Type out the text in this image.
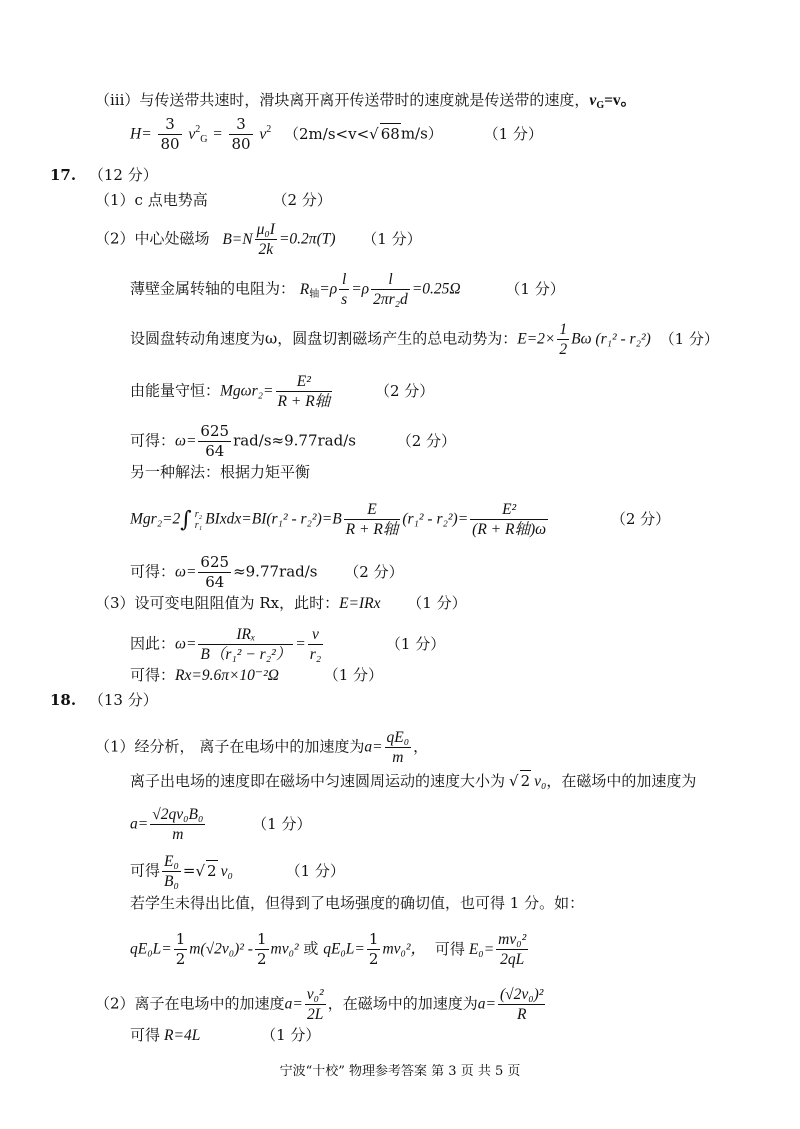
（iii）与传送带共速时，滑块离开离开传送带时的速度就是传送带的速度，$v_G=v$。
$H= \frac{3}{80} v^2_G = \frac{3}{80} v^2$ （2m/s<v<√ 68m/s）	（1 分）
17. （12 分）
（1）c 点电势高	（2 分）
（2）中心处磁场 $B=N \frac{\text{μ₀I}}{2k} =0.2\pi(T)$ （1 分）
薄壁金属转轴的电阻为： $R_轴=\rho \frac{l}{s} =\rho \frac{l}{\text{2πr₂d}} =0.25\Omega$	（1 分）
设圆盘转动角速度为ω，圆盘切割磁场产生的总电动势为：$E=2\times \frac{1}{2}$ Bω (r₁² - r₂²) （1 分）
由能量守恒：$Mg\omega r_2= \frac{\text{E²}}{\text{R + R轴}}$	（2 分）
可得：$\omega= \frac{625}{64} rad/s\approx 9.77rad/s$	（2 分）
另一种解法：根据力矩平衡
Mgr₂=2∫ r₂
r₁ BIxdx=BI(r₁² - $r_2^2)=B \frac{E}{\text{R + R轴}} (r_1^2 - r_2^2)= \frac{\text{E²}}{\text{(R + R轴)ω}}$	（2 分）
可得：$\omega= \frac{625}{64} \approx 9.77rad/s$ （2 分）
（3）设可变电阻阻值为 Rx，此时：E=IRx （1 分）
因此：$\omega= \frac{\text{IRₓ}}{\text{B（r₁² − r₂²）}} = \frac{v}{\text{r₂}}$	（1 分）
可得：Rx=9.6π×10⁻²Ω	（1 分）
18. （13 分）
（1）经分析， 离子在电场中的加速度为$a= \frac{\text{qE₀}}{m}$ ，
离子出电场的速度即在磁场中匀速圆周运动的速度大小为 √ 2 v₀，在磁场中的加速度为
$a= \frac{\text{√2qv₀B₀}}{m}$	（1 分）
可得 $\frac{\text{E₀}}{\text{B₀}}$ =√ 2 v₀	（1 分）
若学生未得出比值，但得到了电场强度的确切值，也可得 1 分。如：
$qE_0L= \frac{1}{2} m(√2v_0)^2 - \frac{1}{2} mv_0^2$ 或 $qE_0L= \frac{1}{2} mv_0^2$， 可得 $E_0= \frac{\text{mv₀²}}{2qL}$
（2）离子在电场中的加速度$a= \frac{\text{v₀²}}{2L}$ ，在磁场中的加速度为$a= \frac{\text{(√2v₀)²}}{R}$
可得 R=4L	（1 分）
宁波“十校” 物理参考答案 第 3 页 共 5 页
